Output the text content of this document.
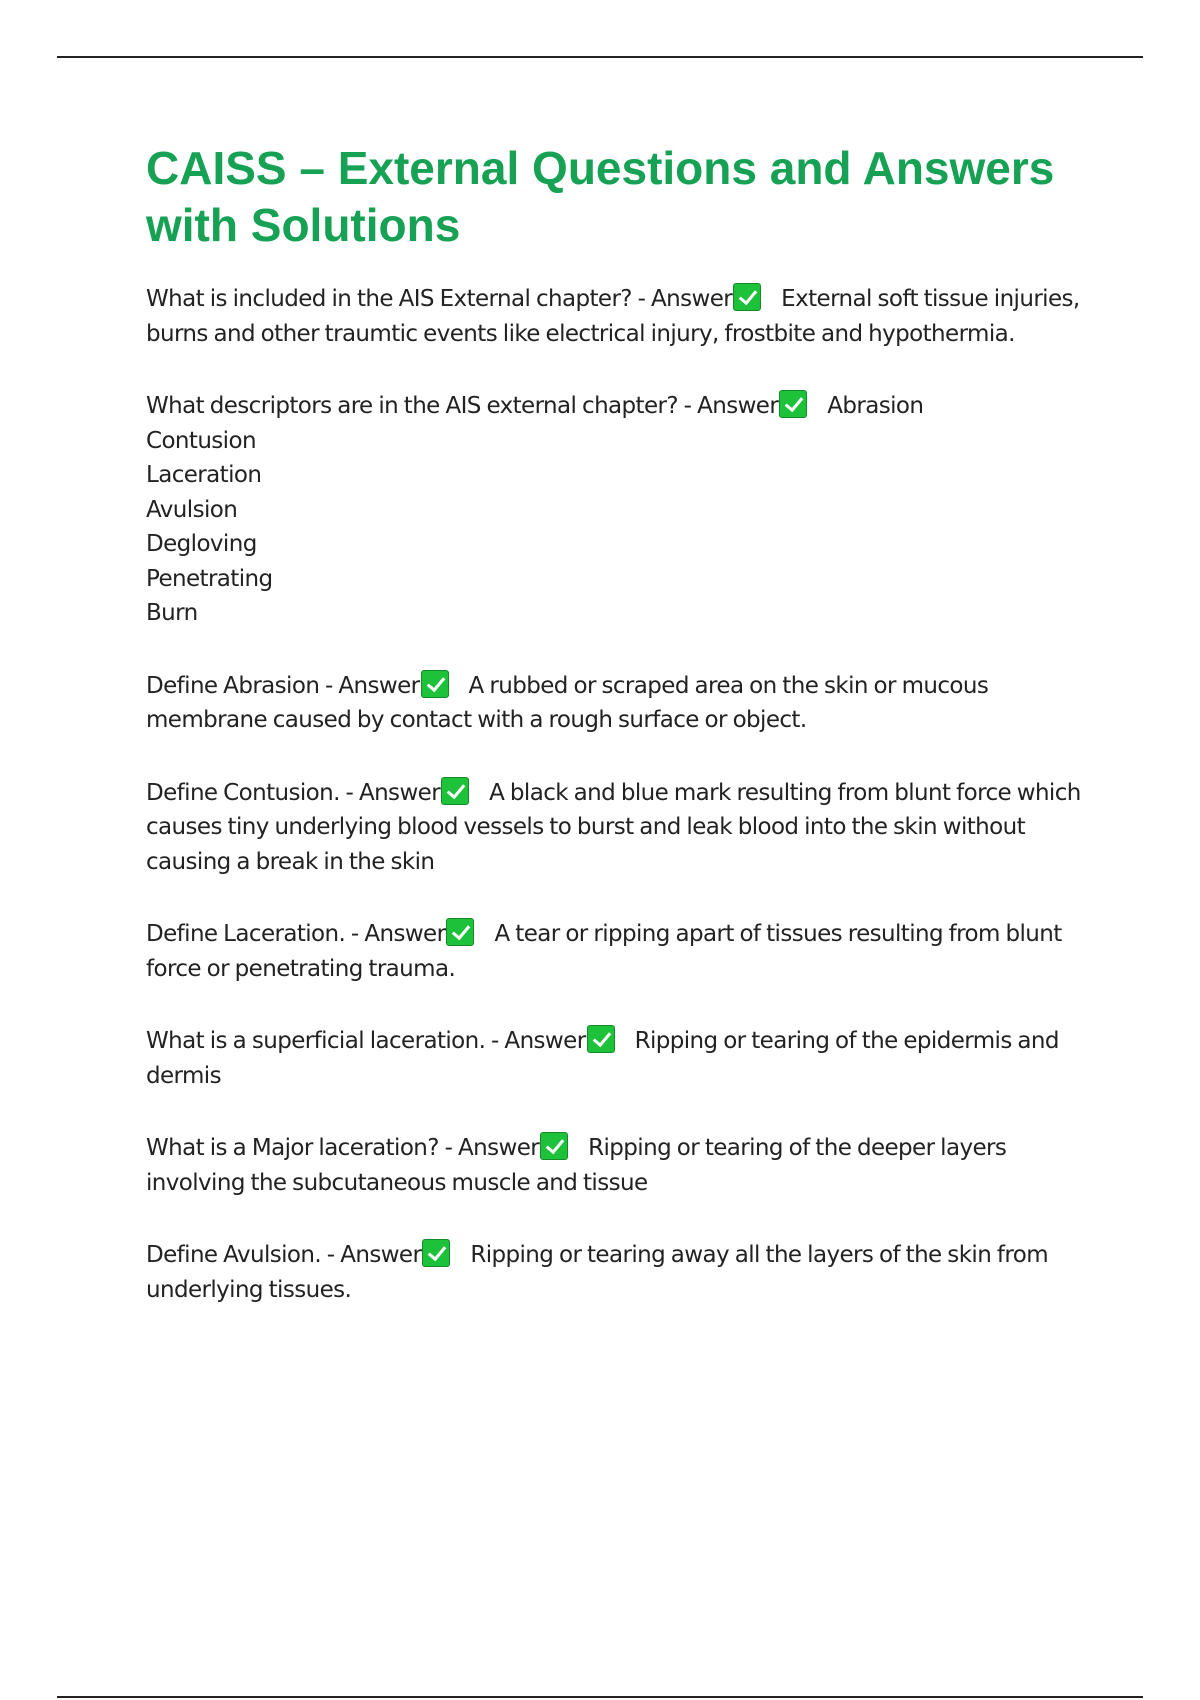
CAISS – External Questions and Answers with Solutions

What is included in the AIS External chapter? - Answer External soft tissue injuries, burns and other traumtic events like electrical injury, frostbite and hypothermia.

What descriptors are in the AIS external chapter? - Answer Abrasion
Contusion
Laceration
Avulsion
Degloving
Penetrating
Burn

Define Abrasion - Answer A rubbed or scraped area on the skin or mucous membrane caused by contact with a rough surface or object.

Define Contusion. - Answer A black and blue mark resulting from blunt force which causes tiny underlying blood vessels to burst and leak blood into the skin without causing a break in the skin

Define Laceration. - Answer A tear or ripping apart of tissues resulting from blunt force or penetrating trauma.

What is a superficial laceration. - Answer Ripping or tearing of the epidermis and dermis

What is a Major laceration? - Answer Ripping or tearing of the deeper layers involving the subcutaneous muscle and tissue

Define Avulsion. - Answer Ripping or tearing away all the layers of the skin from underlying tissues.
